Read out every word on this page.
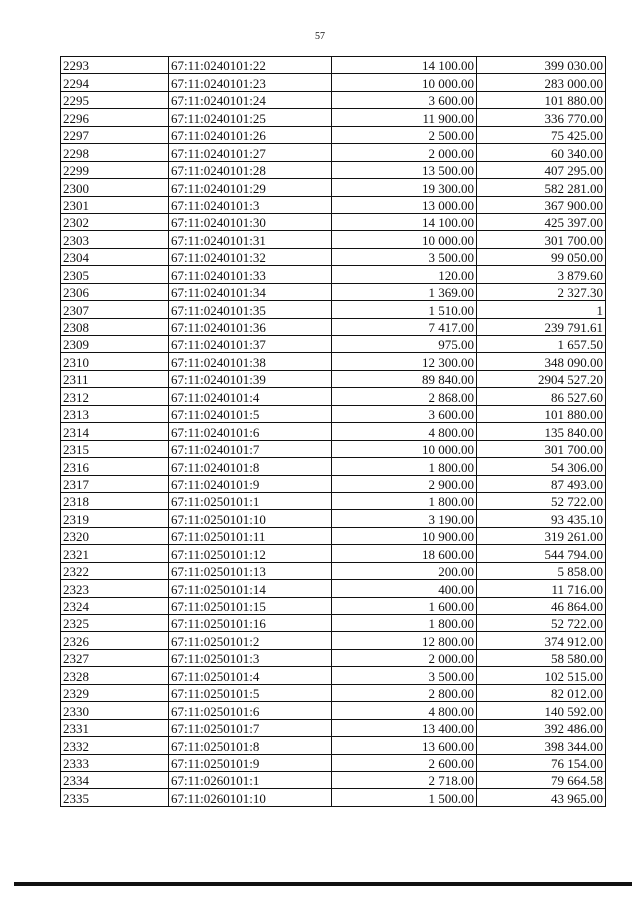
57
2293	67:11:0240101:22	14 100.00	399 030.00
2294	67:11:0240101:23	10 000.00	283 000.00
2295	67:11:0240101:24	3 600.00	101 880.00
2296	67:11:0240101:25	11 900.00	336 770.00
2297	67:11:0240101:26	2 500.00	75 425.00
2298	67:11:0240101:27	2 000.00	60 340.00
2299	67:11:0240101:28	13 500.00	407 295.00
2300	67:11:0240101:29	19 300.00	582 281.00
2301	67:11:0240101:3	13 000.00	367 900.00
2302	67:11:0240101:30	14 100.00	425 397.00
2303	67:11:0240101:31	10 000.00	301 700.00
2304	67:11:0240101:32	3 500.00	99 050.00
2305	67:11:0240101:33	120.00	3 879.60
2306	67:11:0240101:34	1 369.00	2 327.30
2307	67:11:0240101:35	1 510.00	1
2308	67:11:0240101:36	7 417.00	239 791.61
2309	67:11:0240101:37	975.00	1 657.50
2310	67:11:0240101:38	12 300.00	348 090.00
2311	67:11:0240101:39	89 840.00	2904 527.20
2312	67:11:0240101:4	2 868.00	86 527.60
2313	67:11:0240101:5	3 600.00	101 880.00
2314	67:11:0240101:6	4 800.00	135 840.00
2315	67:11:0240101:7	10 000.00	301 700.00
2316	67:11:0240101:8	1 800.00	54 306.00
2317	67:11:0240101:9	2 900.00	87 493.00
2318	67:11:0250101:1	1 800.00	52 722.00
2319	67:11:0250101:10	3 190.00	93 435.10
2320	67:11:0250101:11	10 900.00	319 261.00
2321	67:11:0250101:12	18 600.00	544 794.00
2322	67:11:0250101:13	200.00	5 858.00
2323	67:11:0250101:14	400.00	11 716.00
2324	67:11:0250101:15	1 600.00	46 864.00
2325	67:11:0250101:16	1 800.00	52 722.00
2326	67:11:0250101:2	12 800.00	374 912.00
2327	67:11:0250101:3	2 000.00	58 580.00
2328	67:11:0250101:4	3 500.00	102 515.00
2329	67:11:0250101:5	2 800.00	82 012.00
2330	67:11:0250101:6	4 800.00	140 592.00
2331	67:11:0250101:7	13 400.00	392 486.00
2332	67:11:0250101:8	13 600.00	398 344.00
2333	67:11:0250101:9	2 600.00	76 154.00
2334	67:11:0260101:1	2 718.00	79 664.58
2335	67:11:0260101:10	1 500.00	43 965.00
